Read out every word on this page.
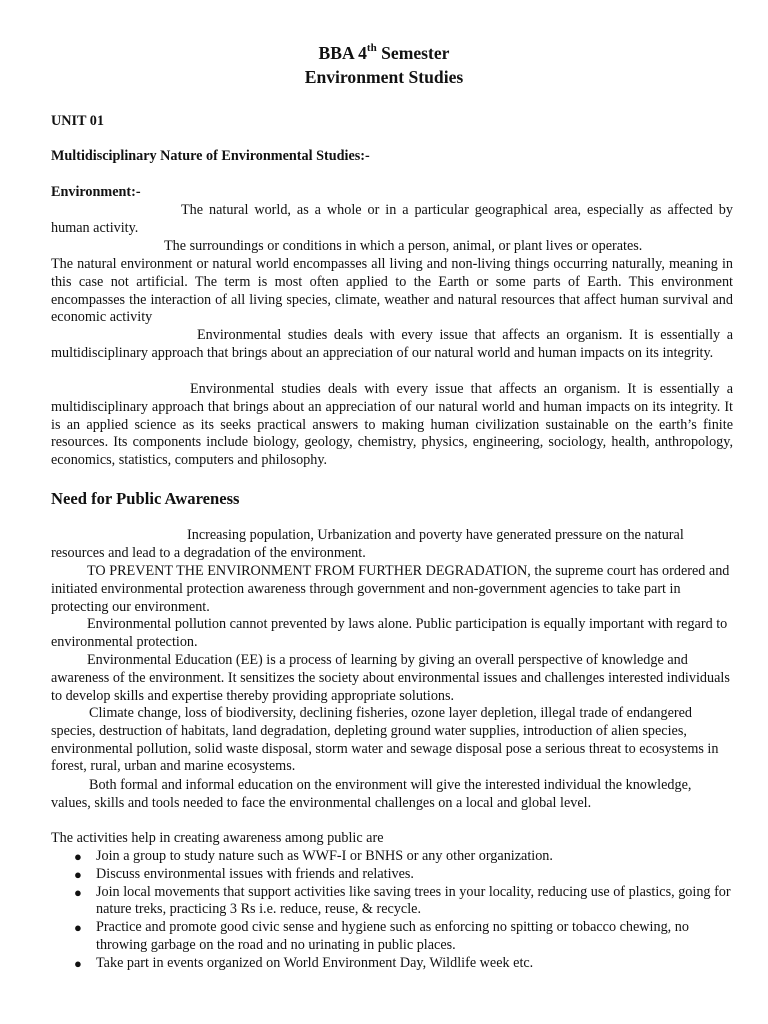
BBA 4th Semester
Environment Studies

UNIT 01

Multidisciplinary Nature of Environmental Studies:-

Environment:-

The natural world, as a whole or in a particular geographical area, especially as affected by human activity.

The surroundings or conditions in which a person, animal, or plant lives or operates.

The natural environment or natural world encompasses all living and non-living things occurring naturally, meaning in this case not artificial. The term is most often applied to the Earth or some parts of Earth. This environment encompasses the interaction of all living species, climate, weather and natural resources that affect human survival and economic activity

Environmental studies deals with every issue that affects an organism. It is essentially a multidisciplinary approach that brings about an appreciation of our natural world and human impacts on its integrity.

Environmental studies deals with every issue that affects an organism. It is essentially a multidisciplinary approach that brings about an appreciation of our natural world and human impacts on its integrity. It is an applied science as its seeks practical answers to making human civilization sustainable on the earth’s finite resources. Its components include biology, geology, chemistry, physics, engineering, sociology, health, anthropology, economics, statistics, computers and philosophy.

Need for Public Awareness

Increasing population, Urbanization and poverty have generated pressure on the natural resources and lead to a degradation of the environment.

TO PREVENT THE ENVIRONMENT FROM FURTHER DEGRADATION, the supreme court has ordered and initiated environmental protection awareness through government and non-government agencies to take part in protecting our environment.

Environmental pollution cannot prevented by laws alone. Public participation is equally important with regard to environmental protection.

Environmental Education (EE) is a process of learning by giving an overall perspective of knowledge and awareness of the environment. It sensitizes the society about environmental issues and challenges interested individuals to develop skills and expertise thereby providing appropriate solutions.

Climate change, loss of biodiversity, declining fisheries, ozone layer depletion, illegal trade of endangered species, destruction of habitats, land degradation, depleting ground water supplies, introduction of alien species, environmental pollution, solid waste disposal, storm water and sewage disposal pose a serious threat to ecosystems in forest, rural, urban and marine ecosystems.

Both formal and informal education on the environment will give the interested individual the knowledge, values, skills and tools needed to face the environmental challenges on a local and global level.

The activities help in creating awareness among public are

● Join a group to study nature such as WWF-I or BNHS or any other organization.
● Discuss environmental issues with friends and relatives.
● Join local movements that support activities like saving trees in your locality, reducing use of plastics, going for nature treks, practicing 3 Rs i.e. reduce, reuse, & recycle.
● Practice and promote good civic sense and hygiene such as enforcing no spitting or tobacco chewing, no throwing garbage on the road and no urinating in public places.
● Take part in events organized on World Environment Day, Wildlife week etc.
